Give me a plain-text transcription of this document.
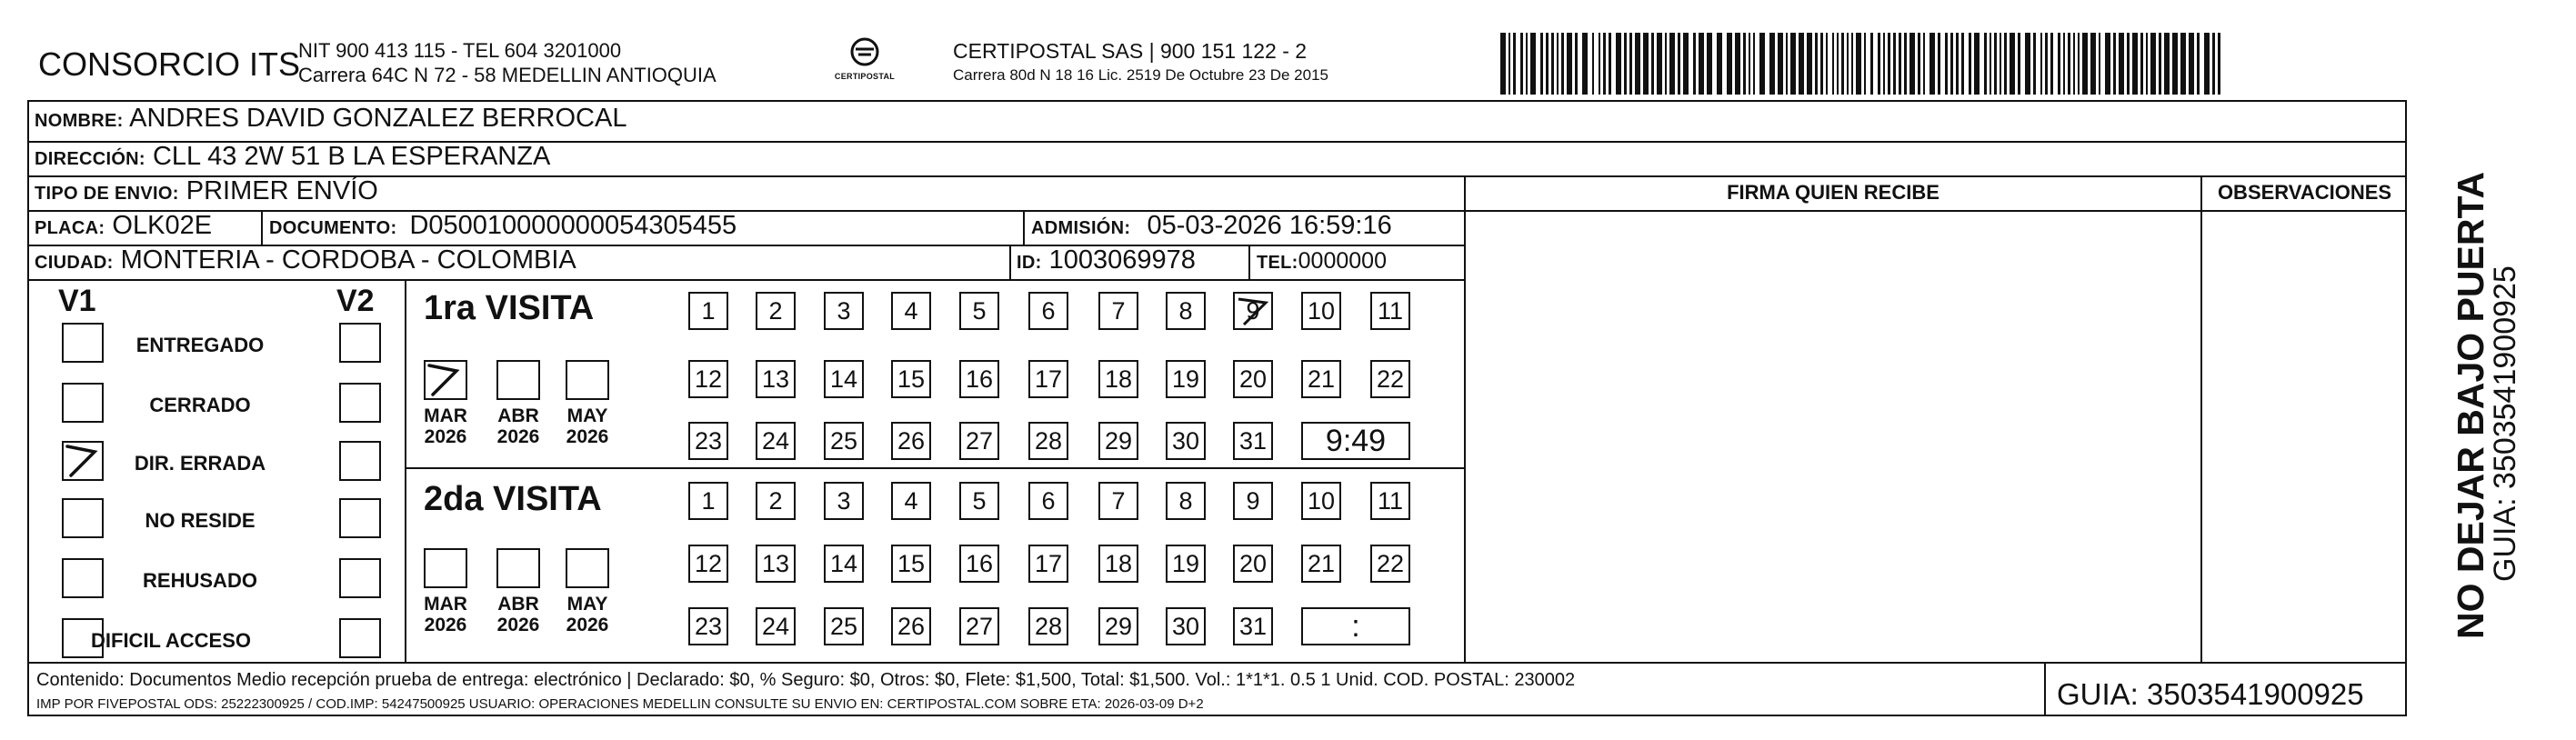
CONSORCIO ITS
NIT 900 413 115 - TEL 604 3201000
Carrera 64C N 72 - 58 MEDELLIN ANTIOQUIA	CERTIPOSTAL
CERTIPOSTAL SAS | 900 151 122 - 2
Carrera 80d N 18 16 Lic. 2519 De Octubre 23 De 2015
NOMBRE: ANDRES DAVID GONZALEZ BERROCAL
DIRECCIÓN: CLL 43 2W 51 B LA ESPERANZA
TIPO DE ENVIO: PRIMER ENVÍO	FIRMA QUIEN RECIBE	OBSERVACIONES
PLACA: OLK02E	DOCUMENTO: D050010000000054305455	ADMISIÓN: 05-03-2026 16:59:16
CIUDAD: MONTERIA - CORDOBA - COLOMBIA	ID: 1003069978	TEL:0000000
V1	V2
ENTREGADO
CERRADO
DIR. ERRADA
NO RESIDE
REHUSADO
DIFICIL ACCESO
1ra VISITA
2da VISITA
MAR
2026
ABR
2026
MAY
2026
MAR
2026
ABR
2026
MAY
2026
1	2	3	4	5	6	7	8	9	10 11
12 13 14 15 16 17 18 19 20 21 22
23 24 25 26 27 28 29 30 31	9:49
1	2	3	4	5	6	7	8	9	10 11
12 13 14 15 16 17 18 19 20 21 22
23 24 25 26 27 28 29 30 31	:
Contenido: Documentos Medio recepción prueba de entrega: electrónico | Declarado: $0, % Seguro: $0, Otros: $0, Flete: $1,500, Total: $1,500. Vol.: 1*1*1. 0.5 1 Unid. COD. POSTAL: 230002
IMP POR FIVEPOSTAL ODS: 25222300925 / COD.IMP: 54247500925 USUARIO: OPERACIONES MEDELLIN CONSULTE SU ENVIO EN: CERTIPOSTAL.COM SOBRE ETA: 2026-03-09 D+2	GUIA: 3503541900925
NO DEJAR BAJO PUERTA
GUIA: 3503541900925
